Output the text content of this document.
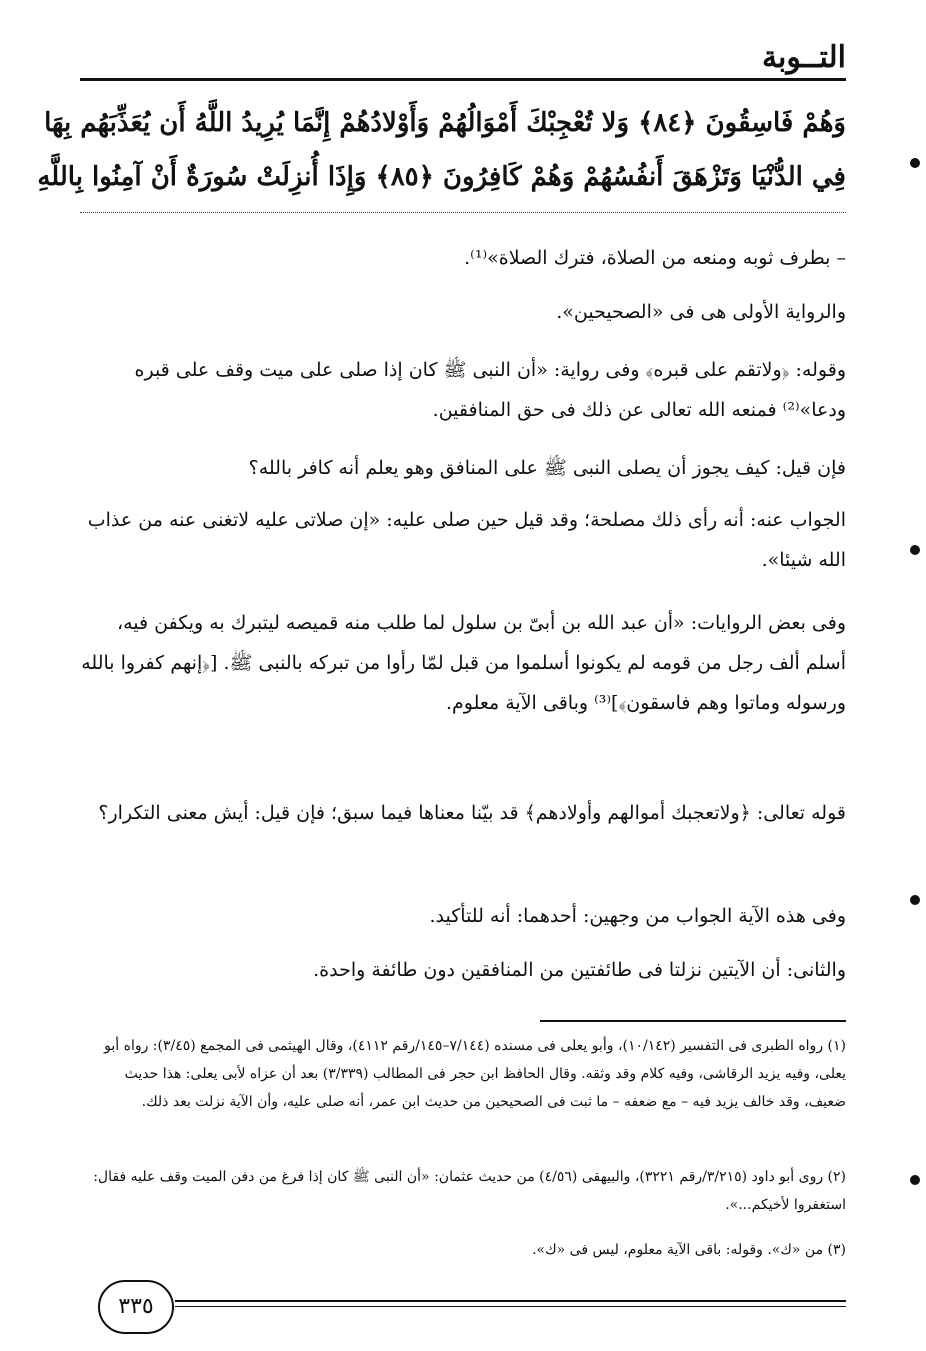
التــوبة
وَهُمْ فَاسِقُونَ ﴿٨٤﴾ وَلا تُعْجِبْكَ أَمْوَالُهُمْ وَأَوْلادُهُمْ إِنَّمَا يُرِيدُ اللَّهُ أَن يُعَذِّبَهُم بِهَا
فِي الدُّنْيَا وَتَزْهَقَ أَنفُسُهُمْ وَهُمْ كَافِرُونَ ﴿٨٥﴾ وَإِذَا أُنزِلَتْ سُورَةٌ أَنْ آمِنُوا بِاللَّهِ
– بطرف ثوبه ومنعه من الصلاة، فترك الصلاة»⁽¹⁾.
والرواية الأولى هى فى «الصحيحين».
وقوله: ﴿ولاتقم على قبره﴾ وفى رواية: «أن النبى ﷺ كان إذا صلى على ميت وقف على قبره ودعا»⁽²⁾ فمنعه الله تعالى عن ذلك فى حق المنافقين.
فإن قيل: كيف يجوز أن يصلى النبى ﷺ على المنافق وهو يعلم أنه كافر بالله؟
الجواب عنه: أنه رأى ذلك مصلحة؛ وقد قيل حين صلى عليه: «إن صلاتى عليه لاتغنى عنه من عذاب الله شيئا».
وفى بعض الروايات: «أن عبد الله بن أبىّ بن سلول لما طلب منه قميصه ليتبرك به ويكفن فيه، أسلم ألف رجل من قومه لم يكونوا أسلموا من قبل لمّا رأوا من تبركه بالنبى ﷺ. [﴿إنهم كفروا بالله ورسوله وماتوا وهم فاسقون﴾]⁽³⁾ وباقى الآية معلوم.
قوله تعالى: ﴿ولاتعجبك أموالهم وأولادهم﴾ قد بيّنا معناها فيما سبق؛ فإن قيل: أيش معنى التكرار؟
وفى هذه الآية الجواب من وجهين: أحدهما: أنه للتأكيد.
والثانى: أن الآيتين نزلتا فى طائفتين من المنافقين دون طائفة واحدة.
(١) رواه الطبرى فى التفسير (١٠/١٤٢)، وأبو يعلى فى مسنده (٧/١٤٤–١٤٥/رقم ٤١١٢)، وقال الهيثمى فى المجمع (٣/٤٥): رواه أبو يعلى، وفيه يزيد الرقاشى، وفيه كلام وقد وثقه. وقال الحافظ ابن حجر فى المطالب (٣/٣٣٩) بعد أن عزاه لأبى يعلى: هذا حديث ضعيف، وقد خالف يزيد فيه – مع ضعفه – ما ثبت فى الصحيحين من حديث ابن عمر، أنه صلى عليه، وأن الآية نزلت بعد ذلك.
(٢) روى أبو داود (٣/٢١٥/رقم ٣٢٢١)، والبيهقى (٤/٥٦) من حديث عثمان: «أن النبى ﷺ كان إذا فرغ من دفن الميت وقف عليه فقال: استغفروا لأخيكم...».
(٣) من «ك». وقوله: باقى الآية معلوم، ليس فى «ك».
٣٣٥
